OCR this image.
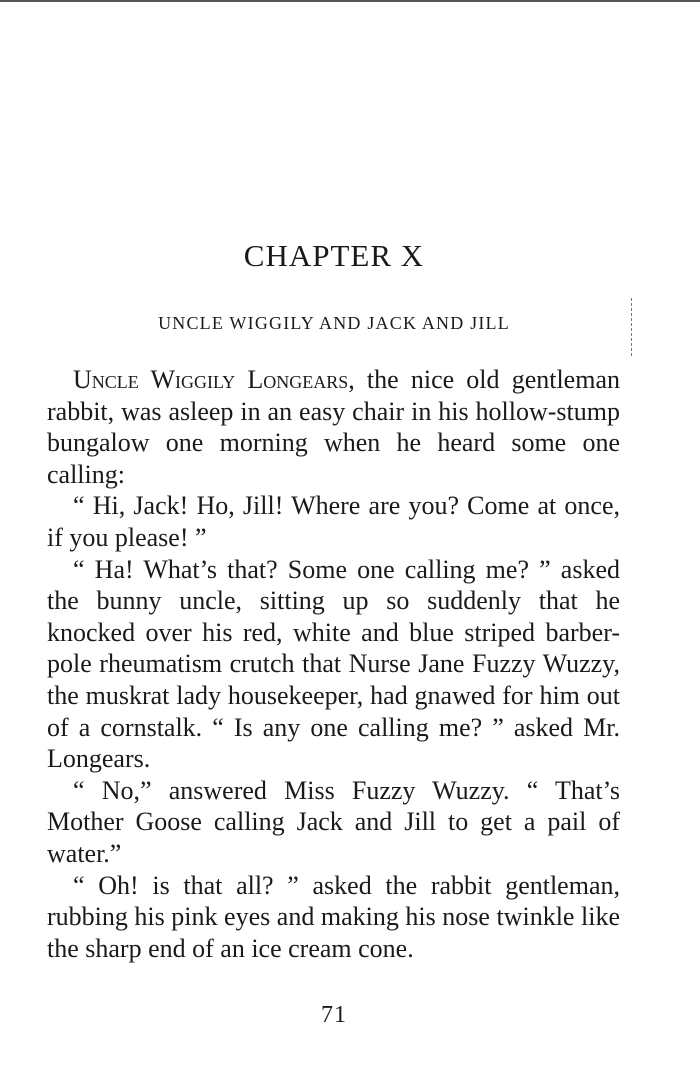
CHAPTER X
UNCLE WIGGILY AND JACK AND JILL

Uncle Wiggily Longears, the nice old gentleman rabbit, was asleep in an easy chair in his hollow-stump bungalow one morning when he heard some one calling:

“ Hi, Jack! Ho, Jill! Where are you? Come at once, if you please! ”

“ Ha! What’s that? Some one calling me? ” asked the bunny uncle, sitting up so suddenly that he knocked over his red, white and blue striped barber-pole rheumatism crutch that Nurse Jane Fuzzy Wuzzy, the muskrat lady housekeeper, had gnawed for him out of a cornstalk. “ Is any one calling me? ” asked Mr. Longears.

“ No,” answered Miss Fuzzy Wuzzy. “ That’s Mother Goose calling Jack and Jill to get a pail of water.”

“ Oh! is that all? ” asked the rabbit gentleman, rubbing his pink eyes and making his nose twinkle like the sharp end of an ice cream cone.

71
